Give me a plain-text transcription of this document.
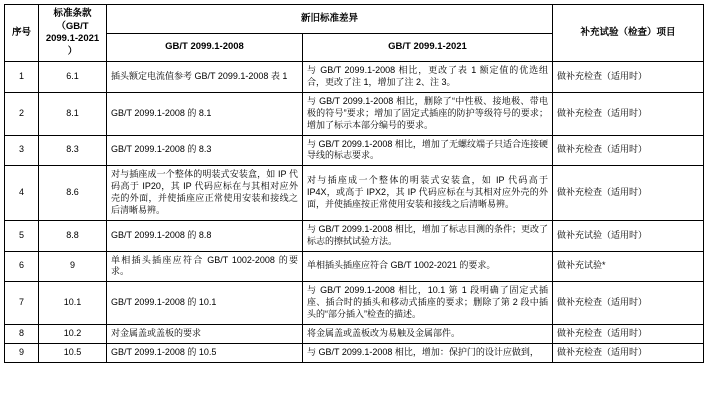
序号	标准条款
（GB/T
2099.1-2021
）	新旧标准差异		补充试验（检查）项目
		GB/T 2099.1-2008	GB/T 2099.1-2021	
1	6.1	插头额定电流值参考 GB/T 2099.1-2008 表 1	与 GB/T 2099.1-2008 相比，更改了表 1 额定值的优选组合，更改了注 1，增加了注 2、注 3。	做补充检查（适用时）
2	8.1	GB/T 2099.1-2008 的 8.1	与 GB/T 2099.1-2008 相比，删除了“中性极、接地极、带电极的符号”要求；增加了固定式插座的防护等级符号的要求；增加了标示本部分编号的要求。	做补充检查（适用时）
3	8.3	GB/T 2099.1-2008 的 8.3	与 GB/T 2099.1-2008 相比，增加了无螺纹端子只适合连接硬导线的标志要求。	做补充检查（适用时）
4	8.6	对与插座成一个整体的明装式安装盒，如 IP 代码高于 IP20，其 IP 代码应标在与其相对应外壳的外面，并使插座应正常使用安装和接线之后清晰易辨。	对与插座成一个整体的明装式安装盒，如 IP 代码高于 IP4X，或高于 IPX2，其 IP 代码应标在与其相对应外壳的外面，并使插座按正常使用安装和接线之后清晰易辨。	做补充检查（适用时）
5	8.8	GB/T 2099.1-2008 的 8.8	与 GB/T 2099.1-2008 相比，增加了标志目测的条件；更改了标志的擦拭试验方法。	做补充试验（适用时）
6	9	单相插头插座应符合 GB/T 1002-2008 的要求。	单相插头插座应符合 GB/T 1002-2021 的要求。	做补充试验*
7	10.1	GB/T 2099.1-2008 的 10.1	与 GB/T 2099.1-2008 相比，10.1 第 1 段明确了固定式插座、插合时的插头和移动式插座的要求；删除了第 2 段中插头的“部分插入”检查的描述。	做补充检查（适用时）
8	10.2	对金属盖或盖板的要求	将金属盖或盖板改为易触及金属部件。	做补充检查（适用时）
9	10.5	GB/T 2099.1-2008 的 10.5	与 GB/T 2099.1-2008 相比，增加：保护门的设计应做到，	做补充检查（适用时）
